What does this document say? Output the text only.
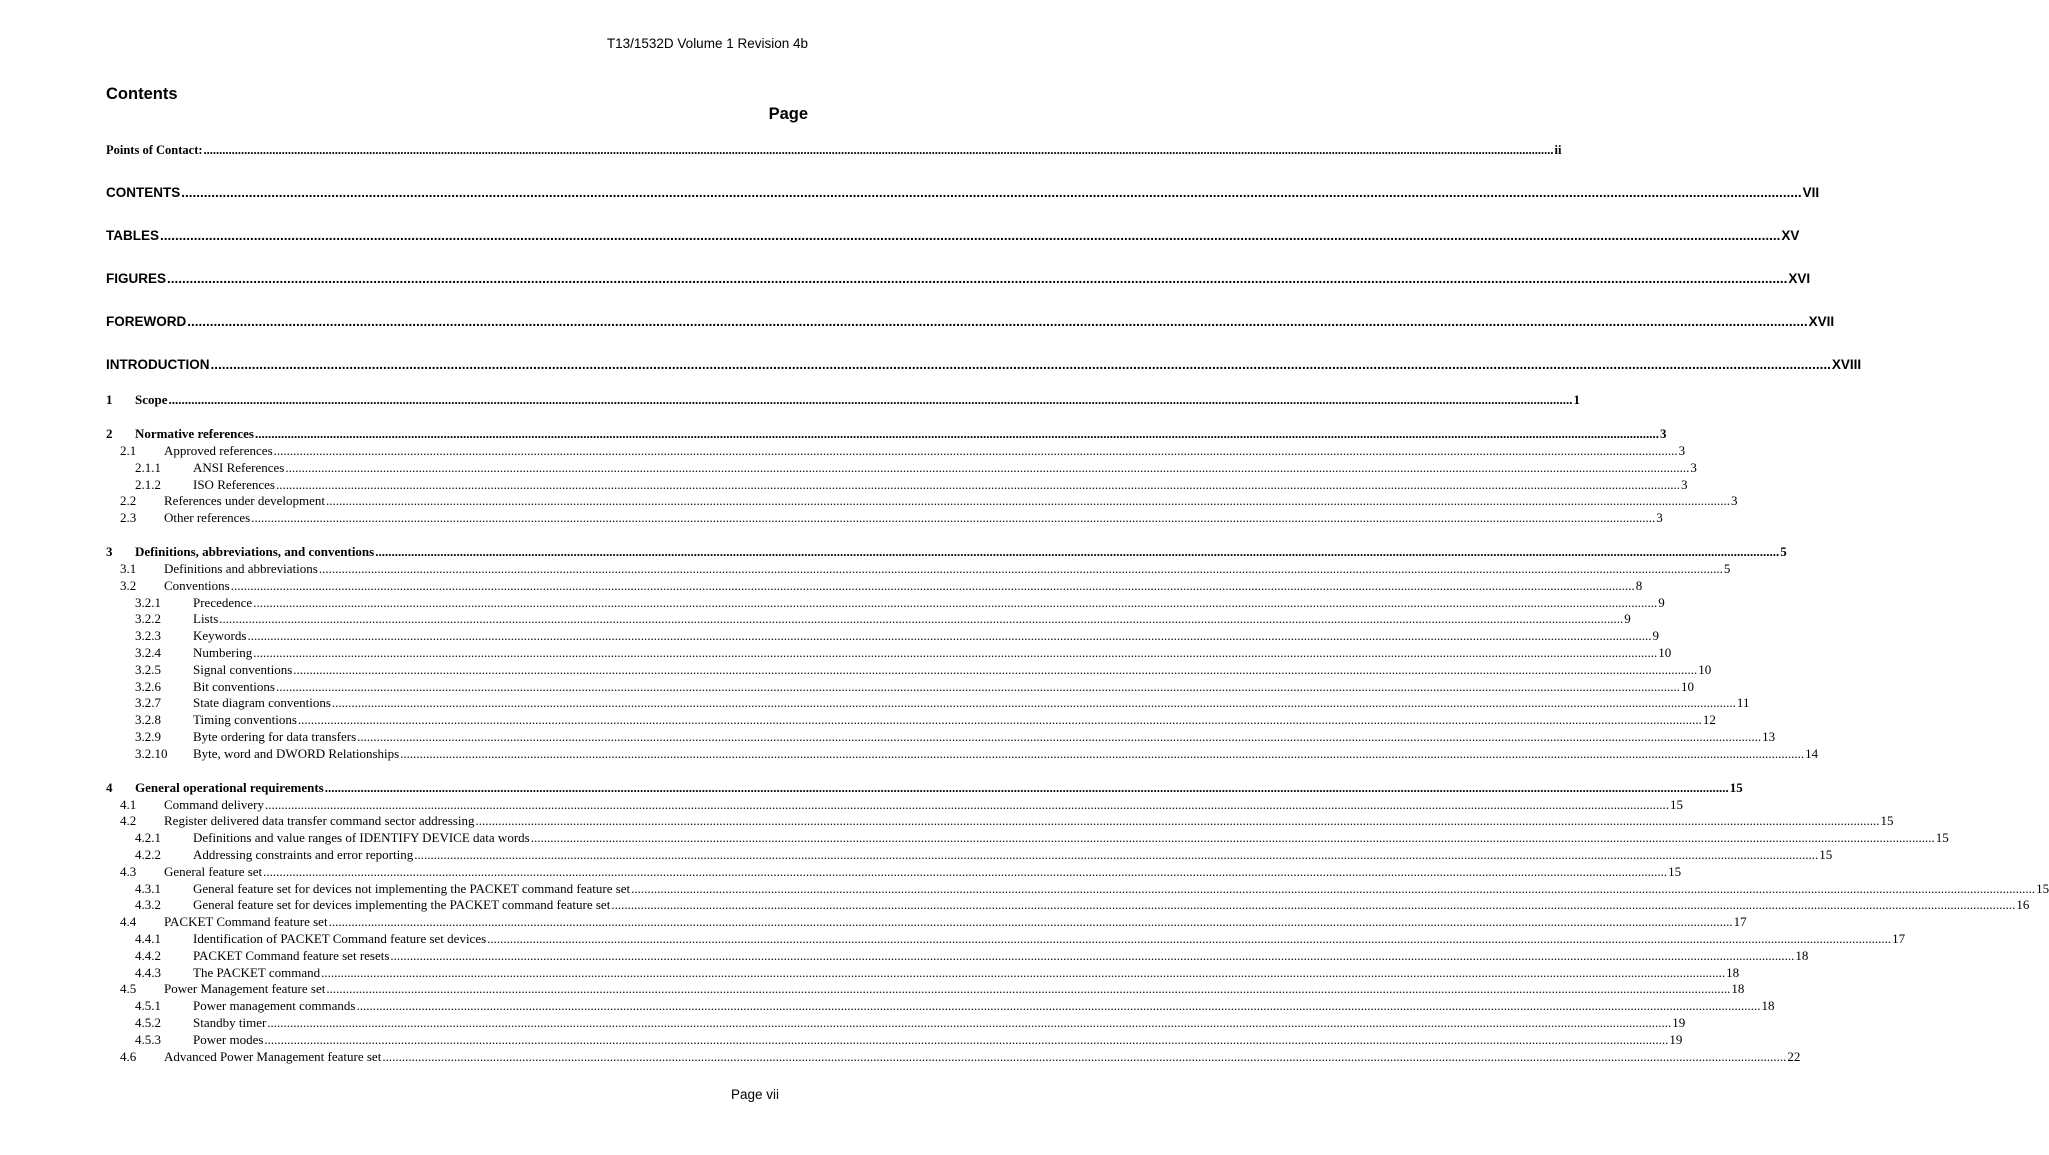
T13/1532D Volume 1 Revision 4b
Contents
Page
Points of Contact: ................................................................................................................................................................................................................................................................................................................................................................................................................................................ ii
CONTENTS ................................................................................................................................................................................................................................................................................................................................................................................................................................................ VII
TABLES ................................................................................................................................................................................................................................................................................................................................................................................................................................................ XV
FIGURES ................................................................................................................................................................................................................................................................................................................................................................................................................................................ XVI
FOREWORD ................................................................................................................................................................................................................................................................................................................................................................................................................................................ XVII
INTRODUCTION ................................................................................................................................................................................................................................................................................................................................................................................................................................................ XVIII
1 Scope ................................................................................................................................................................................................................................................................................................................................................................................................................................................ 1
2 Normative references ................................................................................................................................................................................................................................................................................................................................................................................................................................................ 3
2.1 Approved references ................................................................................................................................................................................................................................................................................................................................................................................................................................................ 3
2.1.1 ANSI References ................................................................................................................................................................................................................................................................................................................................................................................................................................................ 3
2.1.2 ISO References ................................................................................................................................................................................................................................................................................................................................................................................................................................................ 3
2.2 References under development ................................................................................................................................................................................................................................................................................................................................................................................................................................................ 3
2.3 Other references ................................................................................................................................................................................................................................................................................................................................................................................................................................................ 3
3 Definitions, abbreviations, and conventions ................................................................................................................................................................................................................................................................................................................................................................................................................................................ 5
3.1 Definitions and abbreviations ................................................................................................................................................................................................................................................................................................................................................................................................................................................ 5
3.2 Conventions ................................................................................................................................................................................................................................................................................................................................................................................................................................................ 8
3.2.1 Precedence ................................................................................................................................................................................................................................................................................................................................................................................................................................................ 9
3.2.2 Lists ................................................................................................................................................................................................................................................................................................................................................................................................................................................ 9
3.2.3 Keywords ................................................................................................................................................................................................................................................................................................................................................................................................................................................ 9
3.2.4 Numbering ................................................................................................................................................................................................................................................................................................................................................................................................................................................ 10
3.2.5 Signal conventions ................................................................................................................................................................................................................................................................................................................................................................................................................................................ 10
3.2.6 Bit conventions ................................................................................................................................................................................................................................................................................................................................................................................................................................................ 10
3.2.7 State diagram conventions ................................................................................................................................................................................................................................................................................................................................................................................................................................................ 11
3.2.8 Timing conventions ................................................................................................................................................................................................................................................................................................................................................................................................................................................ 12
3.2.9 Byte ordering for data transfers ................................................................................................................................................................................................................................................................................................................................................................................................................................................ 13
3.2.10 Byte, word and DWORD Relationships ................................................................................................................................................................................................................................................................................................................................................................................................................................................ 14
4 General operational requirements ................................................................................................................................................................................................................................................................................................................................................................................................................................................ 15
4.1 Command delivery ................................................................................................................................................................................................................................................................................................................................................................................................................................................ 15
4.2 Register delivered data transfer command sector addressing ................................................................................................................................................................................................................................................................................................................................................................................................................................................ 15
4.2.1 Definitions and value ranges of IDENTIFY DEVICE data words ................................................................................................................................................................................................................................................................................................................................................................................................................................................ 15
4.2.2 Addressing constraints and error reporting ................................................................................................................................................................................................................................................................................................................................................................................................................................................ 15
4.3 General feature set ................................................................................................................................................................................................................................................................................................................................................................................................................................................ 15
4.3.1 General feature set for devices not implementing the PACKET command feature set ................................................................................................................................................................................................................................................................................................................................................................................................................................................ 15
4.3.2 General feature set for devices implementing the PACKET command feature set ................................................................................................................................................................................................................................................................................................................................................................................................................................................ 16
4.4 PACKET Command feature set ................................................................................................................................................................................................................................................................................................................................................................................................................................................ 17
4.4.1 Identification of PACKET Command feature set devices ................................................................................................................................................................................................................................................................................................................................................................................................................................................ 17
4.4.2 PACKET Command feature set resets ................................................................................................................................................................................................................................................................................................................................................................................................................................................ 18
4.4.3 The PACKET command ................................................................................................................................................................................................................................................................................................................................................................................................................................................ 18
4.5 Power Management feature set ................................................................................................................................................................................................................................................................................................................................................................................................................................................ 18
4.5.1 Power management commands ................................................................................................................................................................................................................................................................................................................................................................................................................................................ 18
4.5.2 Standby timer ................................................................................................................................................................................................................................................................................................................................................................................................................................................ 19
4.5.3 Power modes ................................................................................................................................................................................................................................................................................................................................................................................................................................................ 19
4.6 Advanced Power Management feature set ................................................................................................................................................................................................................................................................................................................................................................................................................................................ 22
Page vii
